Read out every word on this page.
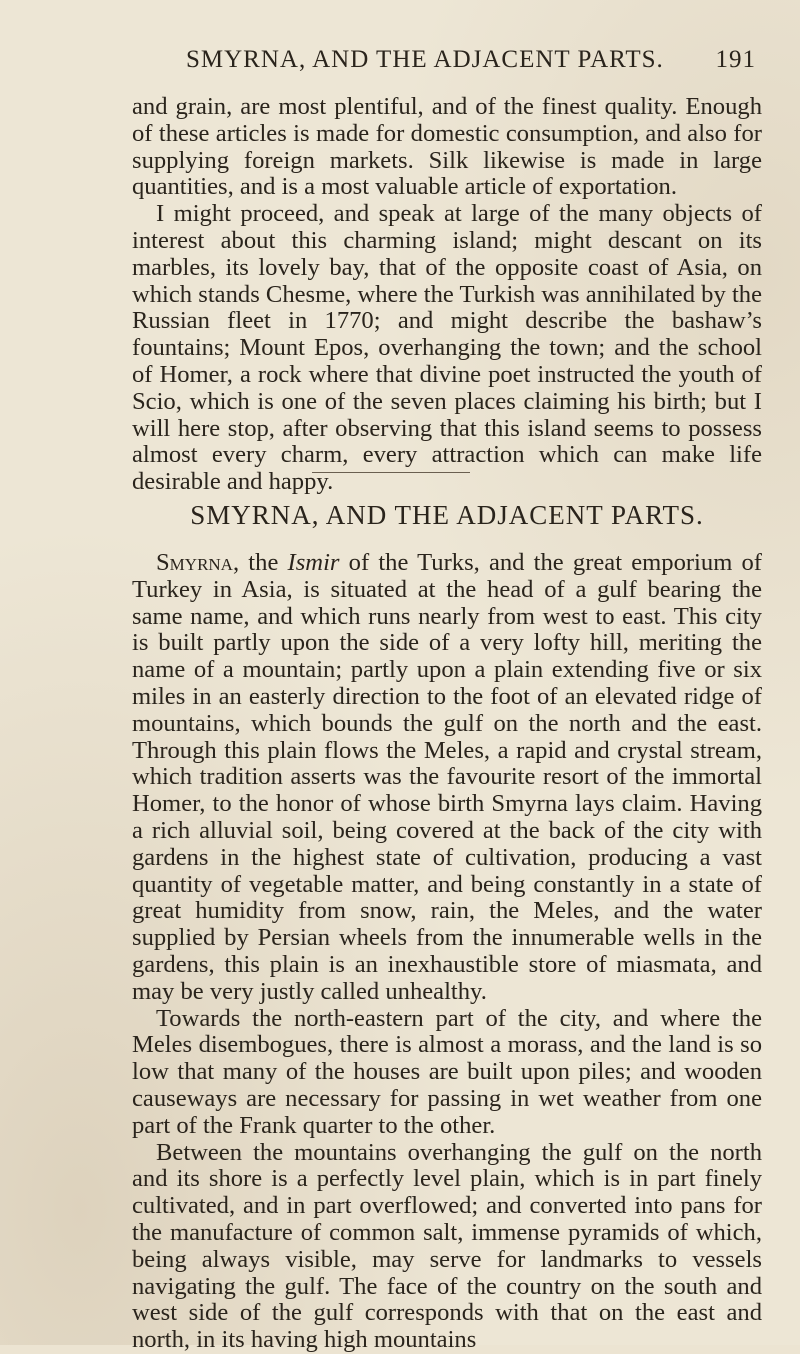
SMYRNA, AND THE ADJACENT PARTS. 191

and grain, are most plentiful, and of the finest quality. Enough of these articles is made for domestic consumption, and also for supplying foreign markets. Silk likewise is made in large quantities, and is a most valuable article of exportation.

I might proceed, and speak at large of the many objects of interest about this charming island; might descant on its marbles, its lovely bay, that of the opposite coast of Asia, on which stands Chesme, where the Turkish was annihilated by the Russian fleet in 1770; and might describe the bashaw’s fountains; Mount Epos, overhanging the town; and the school of Homer, a rock where that divine poet instructed the youth of Scio, which is one of the seven places claiming his birth; but I will here stop, after observing that this island seems to possess almost every charm, every attraction which can make life desirable and happy.

SMYRNA, AND THE ADJACENT PARTS.

Smyrna, the Ismir of the Turks, and the great emporium of Turkey in Asia, is situated at the head of a gulf bearing the same name, and which runs nearly from west to east. This city is built partly upon the side of a very lofty hill, meriting the name of a mountain; partly upon a plain extending five or six miles in an easterly direction to the foot of an elevated ridge of mountains, which bounds the gulf on the north and the east. Through this plain flows the Meles, a rapid and crystal stream, which tradition asserts was the favourite resort of the immortal Homer, to the honor of whose birth Smyrna lays claim. Having a rich alluvial soil, being covered at the back of the city with gardens in the highest state of cultivation, producing a vast quantity of vegetable matter, and being constantly in a state of great humidity from snow, rain, the Meles, and the water supplied by Persian wheels from the innumerable wells in the gardens, this plain is an inexhaustible store of miasmata, and may be very justly called unhealthy.

Towards the north-eastern part of the city, and where the Meles disembogues, there is almost a morass, and the land is so low that many of the houses are built upon piles; and wooden causeways are necessary for passing in wet weather from one part of the Frank quarter to the other.

Between the mountains overhanging the gulf on the north and its shore is a perfectly level plain, which is in part finely cultivated, and in part overflowed; and converted into pans for the manufacture of common salt, immense pyramids of which, being always visible, may serve for landmarks to vessels navigating the gulf. The face of the country on the south and west side of the gulf corresponds with that on the east and north, in its having high mountains
